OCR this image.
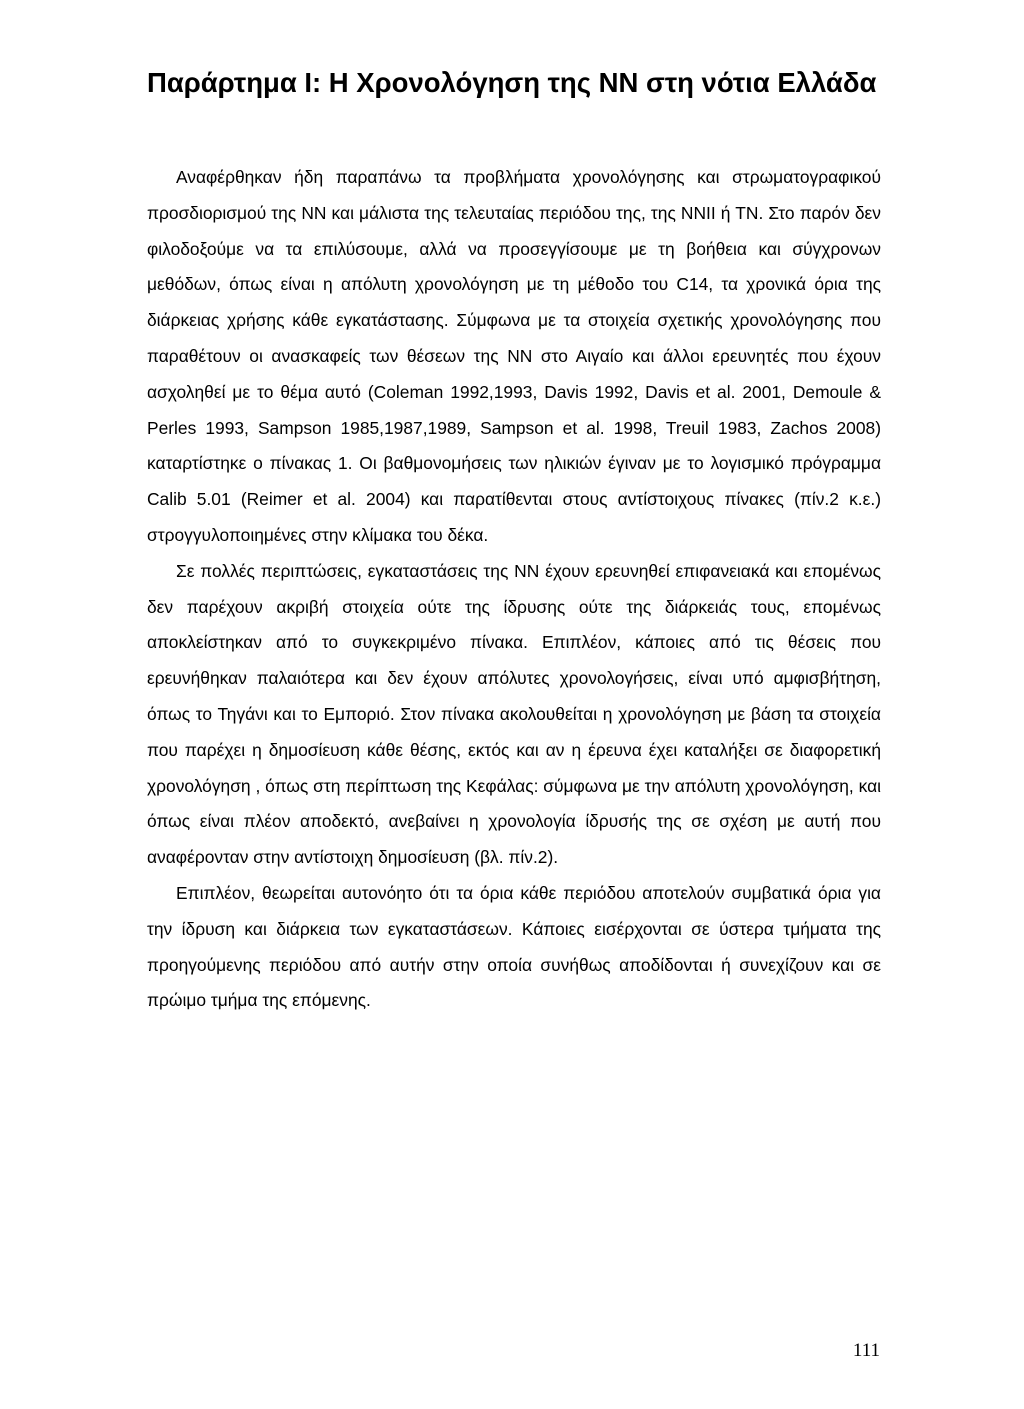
Παράρτημα Ι: Η Χρονολόγηση της ΝΝ στη νότια Ελλάδα

Αναφέρθηκαν ήδη παραπάνω τα προβλήματα χρονολόγησης και στρωματογραφικού προσδιορισμού της ΝΝ και μάλιστα της τελευταίας περιόδου της, της ΝΝΙΙ ή ΤΝ. Στο παρόν δεν φιλοδοξούμε να τα επιλύσουμε, αλλά να προσεγγίσουμε με τη βοήθεια και σύγχρονων μεθόδων, όπως είναι η απόλυτη χρονολόγηση με τη μέθοδο του C14, τα χρονικά όρια της διάρκειας χρήσης κάθε εγκατάστασης. Σύμφωνα με τα στοιχεία σχετικής χρονολόγησης που παραθέτουν οι ανασκαφείς των θέσεων της ΝΝ στο Αιγαίο και άλλοι ερευνητές που έχουν ασχοληθεί με το θέμα αυτό (Coleman 1992,1993, Davis 1992, Davis et al. 2001, Demoule & Perles 1993, Sampson 1985,1987,1989, Sampson et al. 1998, Treuil 1983, Zachos 2008) καταρτίστηκε ο πίνακας 1. Οι βαθμονομήσεις των ηλικιών έγιναν με το λογισμικό πρόγραμμα Calib 5.01 (Reimer et al. 2004) και παρατίθενται στους αντίστοιχους πίνακες (πίν.2 κ.ε.) στρογγυλοποιημένες στην κλίμακα του δέκα.

Σε πολλές περιπτώσεις, εγκαταστάσεις της ΝΝ έχουν ερευνηθεί επιφανειακά και επομένως δεν παρέχουν ακριβή στοιχεία ούτε της ίδρυσης ούτε της διάρκειάς τους, επομένως αποκλείστηκαν από το συγκεκριμένο πίνακα. Επιπλέον, κάποιες από τις θέσεις που ερευνήθηκαν παλαιότερα και δεν έχουν απόλυτες χρονολογήσεις, είναι υπό αμφισβήτηση, όπως το Τηγάνι και το Εμποριό. Στον πίνακα ακολουθείται η χρονολόγηση με βάση τα στοιχεία που παρέχει η δημοσίευση κάθε θέσης, εκτός και αν η έρευνα έχει καταλήξει σε διαφορετική χρονολόγηση , όπως στη περίπτωση της Κεφάλας: σύμφωνα με την απόλυτη χρονολόγηση, και όπως είναι πλέον αποδεκτό, ανεβαίνει η χρονολογία ίδρυσής της σε σχέση με αυτή που αναφέρονταν στην αντίστοιχη δημοσίευση (βλ. πίν.2).

Επιπλέον, θεωρείται αυτονόητο ότι τα όρια κάθε περιόδου αποτελούν συμβατικά όρια για την ίδρυση και διάρκεια των εγκαταστάσεων. Κάποιες εισέρχονται σε ύστερα τμήματα της προηγούμενης περιόδου από αυτήν στην οποία συνήθως αποδίδονται ή συνεχίζουν και σε πρώιμο τμήμα της επόμενης.

111
